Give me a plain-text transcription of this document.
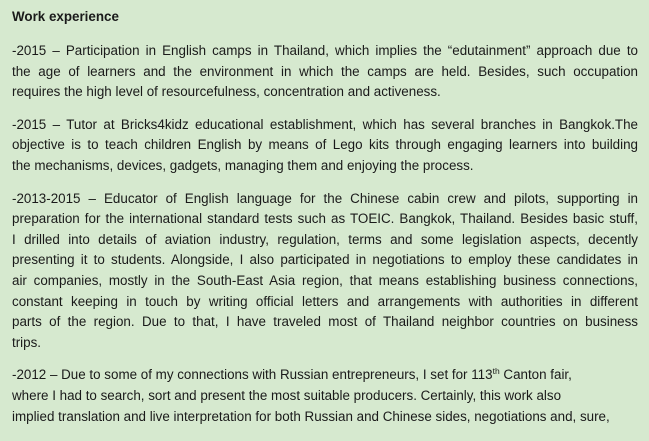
Work experience
-2015 – Participation in English camps in Thailand, which implies the “edutainment” approach due to
the age of learners and the environment in which the camps are held. Besides, such occupation
requires the high level of resourcefulness, concentration and activeness.
-2015 – Tutor at Bricks4kidz educational establishment, which has several branches in Bangkok.The
objective is to teach children English by means of Lego kits through engaging learners into building
the mechanisms, devices, gadgets, managing them and enjoying the process.
-2013-2015 – Educator of English language for the Chinese cabin crew and pilots, supporting in
preparation for the international standard tests such as TOEIC. Bangkok, Thailand. Besides basic stuff,
I drilled into details of aviation industry, regulation, terms and some legislation aspects, decently
presenting it to students. Alongside, I also participated in negotiations to employ these candidates in
air companies, mostly in the South-East Asia region, that means establishing business connections,
constant keeping in touch by writing official letters and arrangements with authorities in different
parts of the region. Due to that, I have traveled most of Thailand neighbor countries on business
trips.
-2012 – Due to some of my connections with Russian entrepreneurs, I set for 113th Canton fair,
where I had to search, sort and present the most suitable producers. Certainly, this work also
implied translation and live interpretation for both Russian and Chinese sides, negotiations and, sure,
